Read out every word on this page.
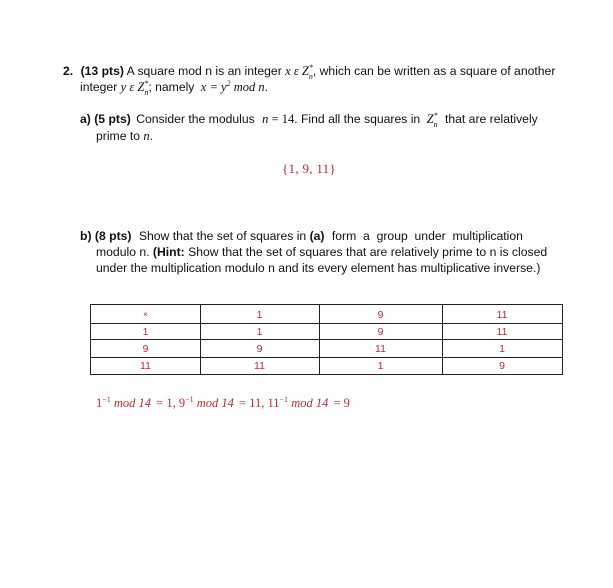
2. (13 pts) A square mod n is an integer x ε $Z^*_n$, which can be written as a square of another
integer y ε $Z^*_n$; namely $x = y^2$ mod n.
a) (5 pts) Consider the modulus n = 14. Find all the squares in $Z^*_n$ that are relatively
prime to n.
{1, 9, 11}
b) (8 pts) Show that the set of squares in (a) form  a  group  under  multiplication
modulo n. (Hint: Show that the set of squares that are relatively prime to n is closed
under the multiplication modulo n and its every element has multiplicative inverse.)
×	1	9	11
1	1	9	11
9	9	11	1
11	11	1	9
$1^{-1}$ mod 14 = 1, $9^{-1}$ mod 14 = 11, $11^{-1}$ mod 14 = 9
